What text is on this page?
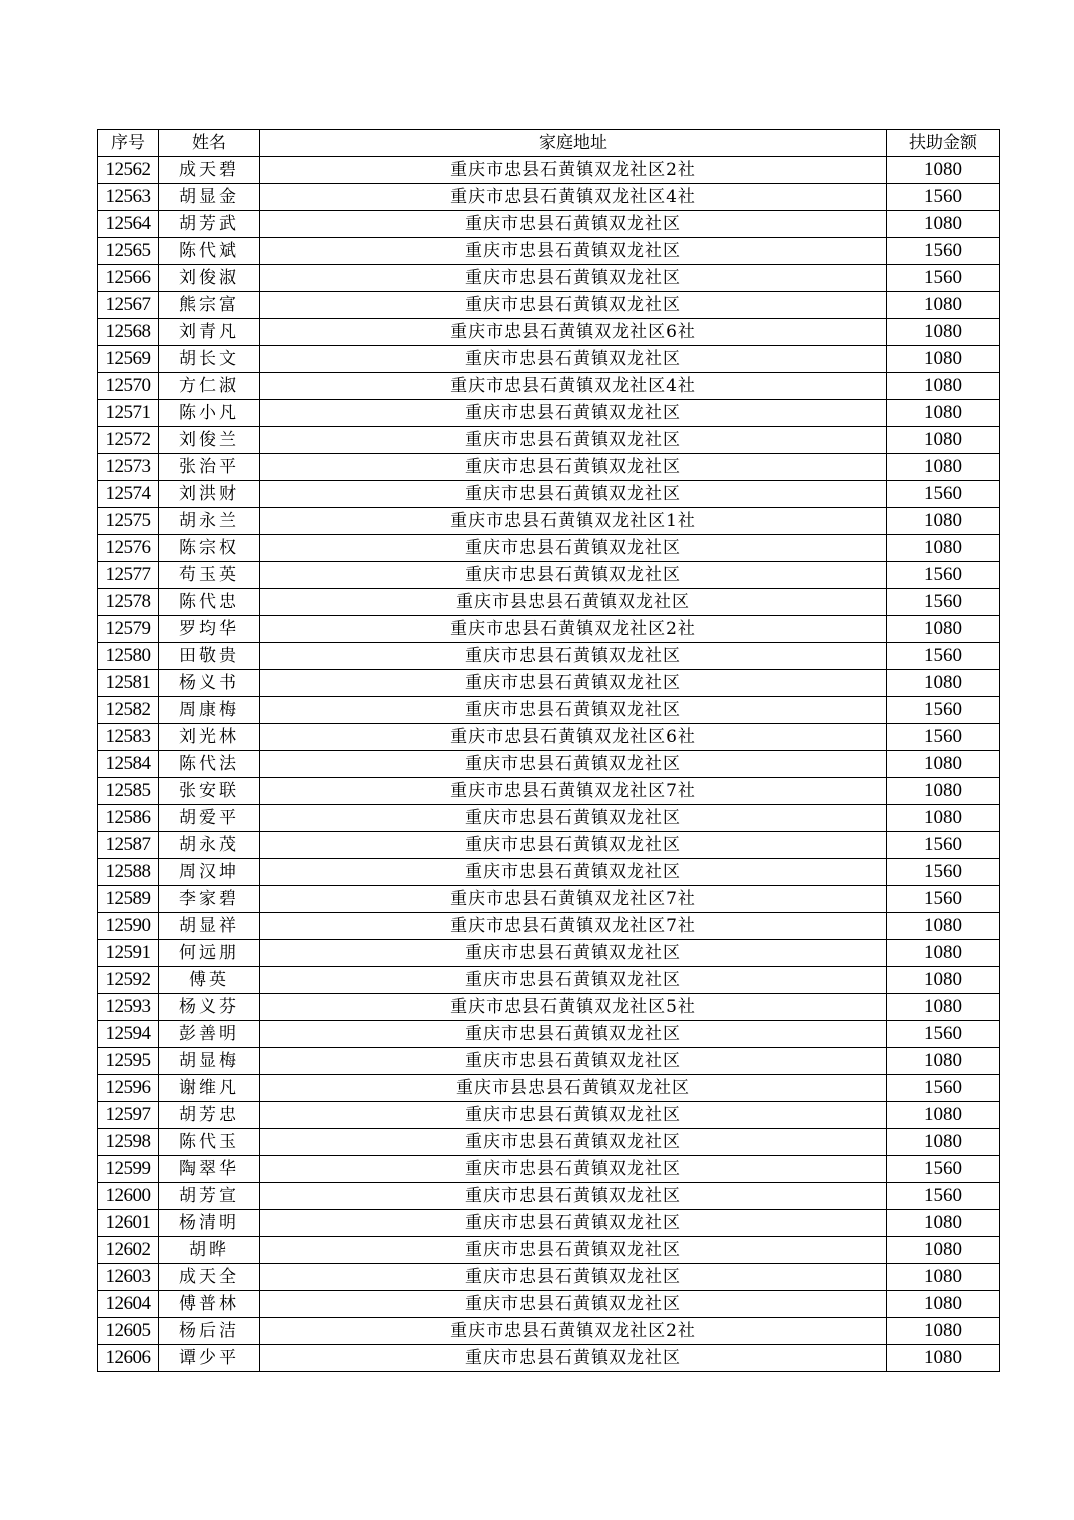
序号	姓名	家庭地址	扶助金额
12562	成天碧	重庆市忠县石黄镇双龙社区2社	1080
12563	胡显金	重庆市忠县石黄镇双龙社区4社	1560
12564	胡芳武	重庆市忠县石黄镇双龙社区	1080
12565	陈代斌	重庆市忠县石黄镇双龙社区	1560
12566	刘俊淑	重庆市忠县石黄镇双龙社区	1560
12567	熊宗富	重庆市忠县石黄镇双龙社区	1080
12568	刘青凡	重庆市忠县石黄镇双龙社区6社	1080
12569	胡长文	重庆市忠县石黄镇双龙社区	1080
12570	方仁淑	重庆市忠县石黄镇双龙社区4社	1080
12571	陈小凡	重庆市忠县石黄镇双龙社区	1080
12572	刘俊兰	重庆市忠县石黄镇双龙社区	1080
12573	张治平	重庆市忠县石黄镇双龙社区	1080
12574	刘洪财	重庆市忠县石黄镇双龙社区	1560
12575	胡永兰	重庆市忠县石黄镇双龙社区1社	1080
12576	陈宗权	重庆市忠县石黄镇双龙社区	1080
12577	苟玉英	重庆市忠县石黄镇双龙社区	1560
12578	陈代忠	重庆市县忠县石黄镇双龙社区	1560
12579	罗均华	重庆市忠县石黄镇双龙社区2社	1080
12580	田敬贵	重庆市忠县石黄镇双龙社区	1560
12581	杨义书	重庆市忠县石黄镇双龙社区	1080
12582	周康梅	重庆市忠县石黄镇双龙社区	1560
12583	刘光林	重庆市忠县石黄镇双龙社区6社	1560
12584	陈代法	重庆市忠县石黄镇双龙社区	1080
12585	张安联	重庆市忠县石黄镇双龙社区7社	1080
12586	胡爱平	重庆市忠县石黄镇双龙社区	1080
12587	胡永茂	重庆市忠县石黄镇双龙社区	1560
12588	周汉坤	重庆市忠县石黄镇双龙社区	1560
12589	李家碧	重庆市忠县石黄镇双龙社区7社	1560
12590	胡显祥	重庆市忠县石黄镇双龙社区7社	1080
12591	何远朋	重庆市忠县石黄镇双龙社区	1080
12592	傅英	重庆市忠县石黄镇双龙社区	1080
12593	杨义芬	重庆市忠县石黄镇双龙社区5社	1080
12594	彭善明	重庆市忠县石黄镇双龙社区	1560
12595	胡显梅	重庆市忠县石黄镇双龙社区	1080
12596	谢维凡	重庆市县忠县石黄镇双龙社区	1560
12597	胡芳忠	重庆市忠县石黄镇双龙社区	1080
12598	陈代玉	重庆市忠县石黄镇双龙社区	1080
12599	陶翠华	重庆市忠县石黄镇双龙社区	1560
12600	胡芳宣	重庆市忠县石黄镇双龙社区	1560
12601	杨清明	重庆市忠县石黄镇双龙社区	1080
12602	胡晔	重庆市忠县石黄镇双龙社区	1080
12603	成天全	重庆市忠县石黄镇双龙社区	1080
12604	傅普林	重庆市忠县石黄镇双龙社区	1080
12605	杨后洁	重庆市忠县石黄镇双龙社区2社	1080
12606	谭少平	重庆市忠县石黄镇双龙社区	1080
